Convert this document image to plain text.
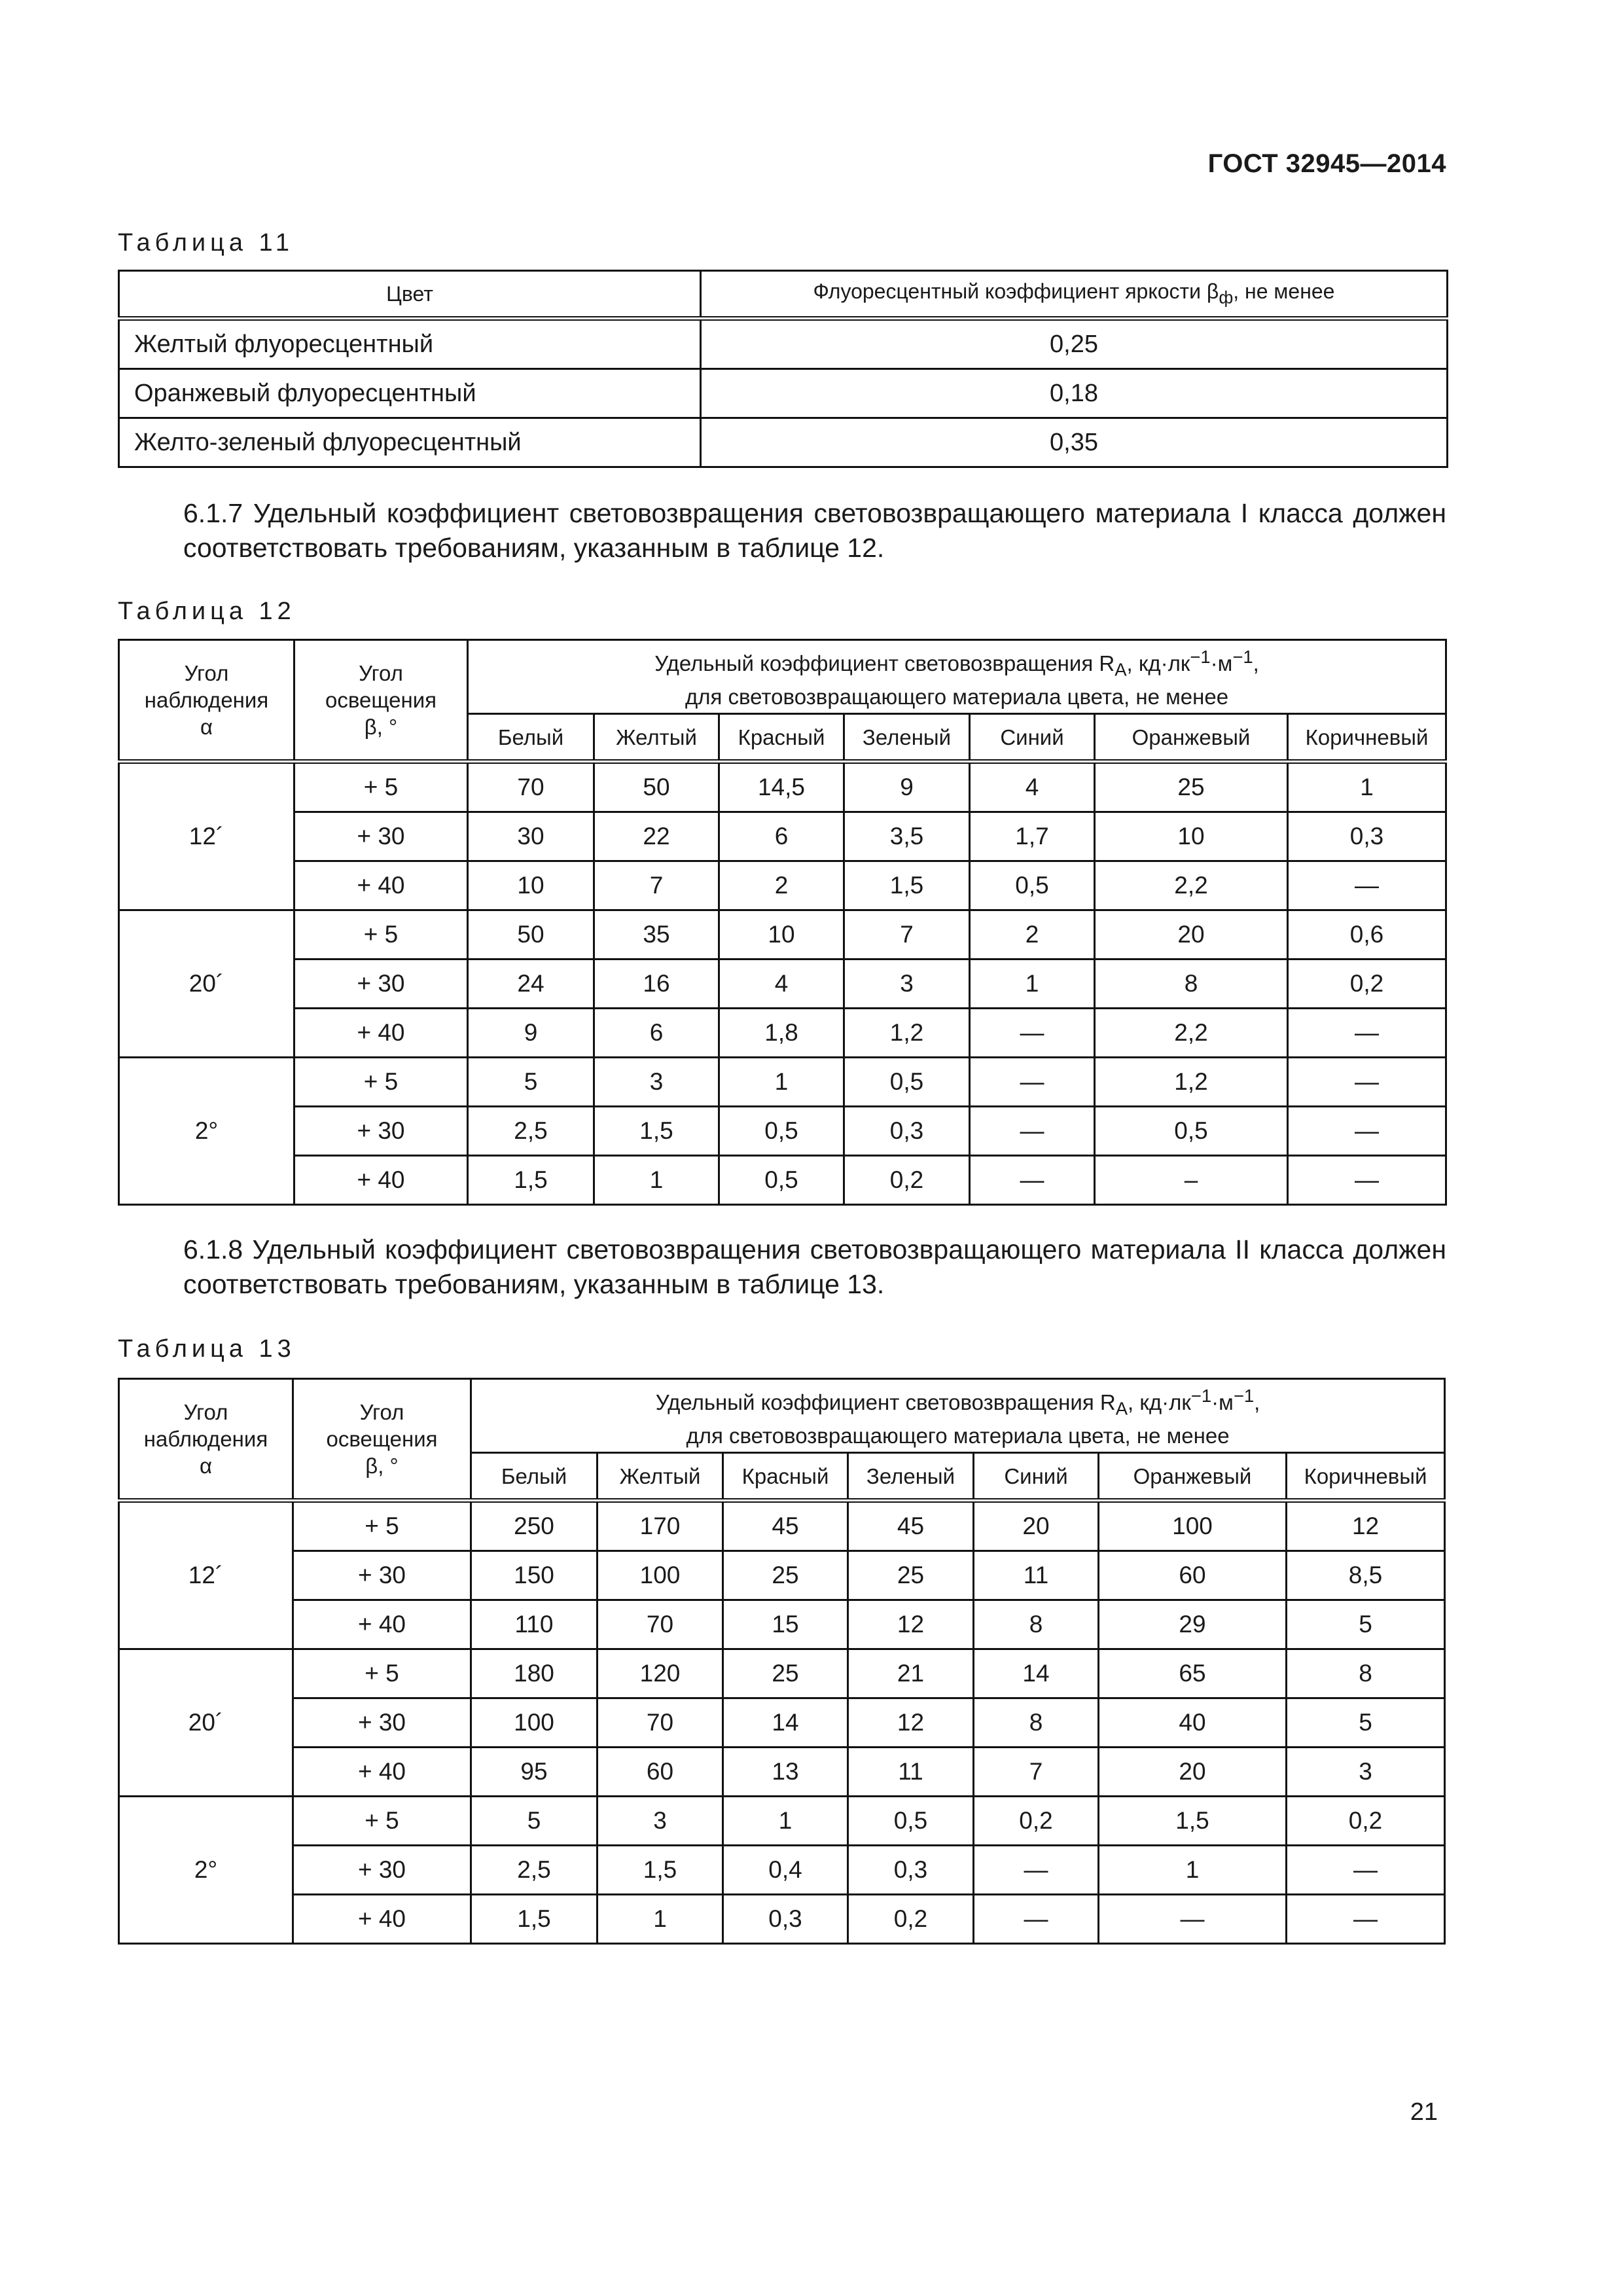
ГОСТ 32945—2014
Таблица 11
Цвет	Флуоресцентный коэффициент яркости $\beta_ф$, не менее
Желтый флуоресцентный	0,25
Оранжевый флуоресцентный	0,18
Желто-зеленый флуоресцентный	0,35
6.1.7 Удельный коэффициент световозвращения световозвращающего материала I класса должен соответствовать требованиям, указанным в таблице 12.
Таблица 12
Угол
наблюдения
α	Угол
освещения
β, °	Удельный коэффициент световозвращения $R_А$, $кд\cdot лк^{-1}\cdot м^{-1}$,
для световозвращающего материала цвета, не менее						
		Белый	Желтый	Красный	Зеленый	Синий	Оранжевый	Коричневый
12´	+ 5	70	50	14,5	9	4	25	1
	+ 30	30	22	6	3,5	1,7	10	0,3
	+ 40	10	7	2	1,5	0,5	2,2	—
20´	+ 5	50	35	10	7	2	20	0,6
	+ 30	24	16	4	3	1	8	0,2
	+ 40	9	6	1,8	1,2	—	2,2	—
2°	+ 5	5	3	1	0,5	—	1,2	—
	+ 30	2,5	1,5	0,5	0,3	—	0,5	—
	+ 40	1,5	1	0,5	0,2	—	–	—
6.1.8 Удельный коэффициент световозвращения световозвращающего материала II класса должен соответствовать требованиям, указанным в таблице 13.
Таблица 13
Угол
наблюдения
α	Угол
освещения
β, °	Удельный коэффициент световозвращения $R_А$, $кд\cdot лк^{-1}\cdot м^{-1}$,
для световозвращающего материала цвета, не менее						
		Белый	Желтый	Красный	Зеленый	Синий	Оранжевый	Коричневый
12´	+ 5	250	170	45	45	20	100	12
	+ 30	150	100	25	25	11	60	8,5
	+ 40	110	70	15	12	8	29	5
20´	+ 5	180	120	25	21	14	65	8
	+ 30	100	70	14	12	8	40	5
	+ 40	95	60	13	11	7	20	3
2°	+ 5	5	3	1	0,5	0,2	1,5	0,2
	+ 30	2,5	1,5	0,4	0,3	—	1	—
	+ 40	1,5	1	0,3	0,2	—	—	—
21
